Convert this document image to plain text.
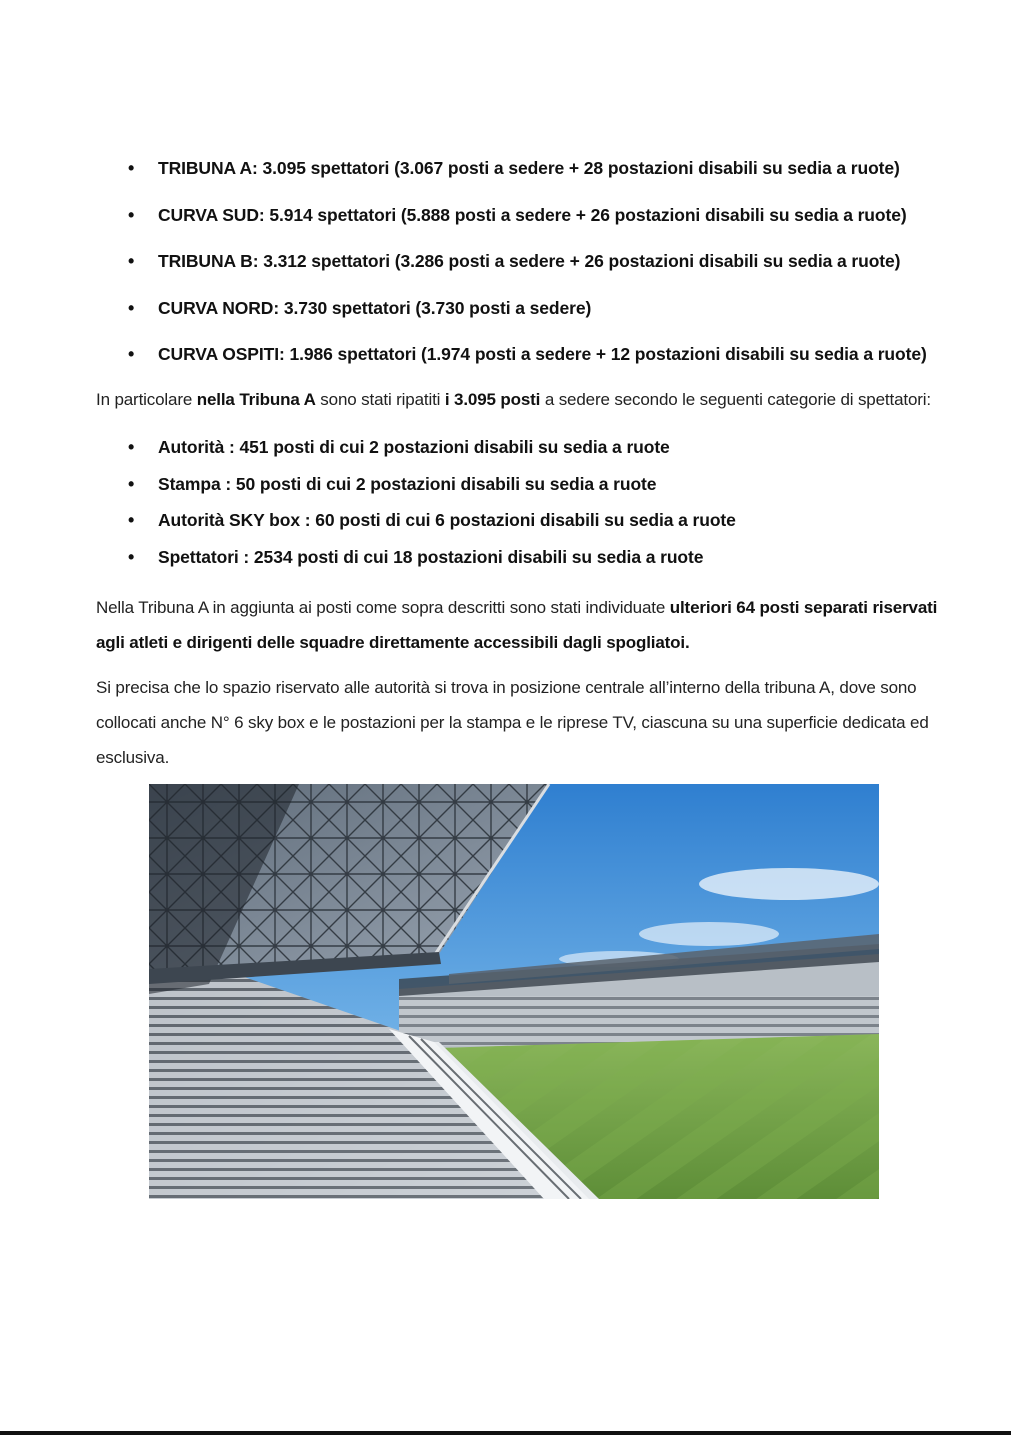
• TRIBUNA A: 3.095 spettatori (3.067 posti a sedere + 28 postazioni disabili su sedia a ruote)
• CURVA SUD: 5.914 spettatori (5.888 posti a sedere + 26 postazioni disabili su sedia a ruote)
• TRIBUNA B: 3.312 spettatori (3.286 posti a sedere + 26 postazioni disabili su sedia a ruote)
• CURVA NORD: 3.730 spettatori (3.730 posti a sedere)
• CURVA OSPITI: 1.986 spettatori (1.974 posti a sedere + 12 postazioni disabili su sedia a ruote)

In particolare nella Tribuna A sono stati ripatiti i 3.095 posti a sedere secondo le seguenti categorie di spettatori:

• Autorità : 451 posti di cui 2 postazioni disabili su sedia a ruote
• Stampa : 50 posti di cui 2 postazioni disabili su sedia a ruote
• Autorità SKY box : 60 posti di cui 6 postazioni disabili su sedia a ruote
• Spettatori : 2534 posti di cui 18 postazioni disabili su sedia a ruote

Nella Tribuna A in aggiunta ai posti come sopra descritti sono stati individuate ulteriori 64 posti separati riservati agli atleti e dirigenti delle squadre direttamente accessibili dagli spogliatoi.

Si precisa che lo spazio riservato alle autorità si trova in posizione centrale all’interno della tribuna A, dove sono collocati anche N° 6 sky box e le postazioni per la stampa e le riprese TV, ciascuna su una superficie dedicata ed esclusiva.
